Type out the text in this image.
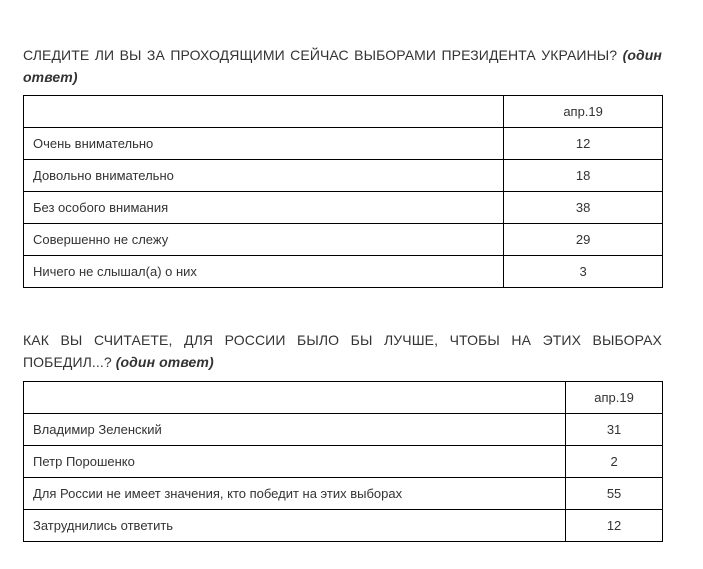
СЛЕДИТЕ ЛИ ВЫ ЗА ПРОХОДЯЩИМИ СЕЙЧАС ВЫБОРАМИ ПРЕЗИДЕНТА УКРАИНЫ? (один ответ)

	апр.19
Очень внимательно	12
Довольно внимательно	18
Без особого внимания	38
Совершенно не слежу	29
Ничего не слышал(а) о них	3

КАК ВЫ СЧИТАЕТЕ, ДЛЯ РОССИИ БЫЛО БЫ ЛУЧШЕ, ЧТОБЫ НА ЭТИХ ВЫБОРАХ ПОБЕДИЛ...? (один ответ)

	апр.19
Владимир Зеленский	31
Петр Порошенко	2
Для России не имеет значения, кто победит на этих выборах	55
Затруднились ответить	12
